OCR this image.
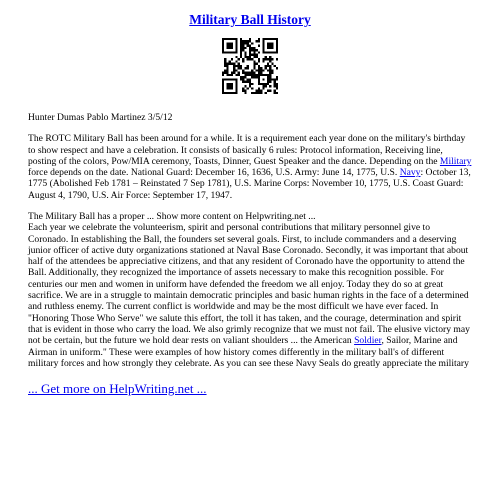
Military Ball History

Hunter Dumas Pablo Martinez 3/5/12

The ROTC Military Ball has been around for a while. It is a requirement each year done on the military's birthday to show respect and have a celebration. It consists of basically 6 rules: Protocol information, Receiving line, posting of the colors, Pow/MIA ceremony, Toasts, Dinner, Guest Speaker and the dance. Depending on the Military force depends on the date. National Guard: December 16, 1636, U.S. Army: June 14, 1775, U.S. Navy: October 13, 1775 (Abolished Feb 1781 – Reinstated 7 Sep 1781), U.S. Marine Corps: November 10, 1775, U.S. Coast Guard: August 4, 1790, U.S. Air Force: September 17, 1947.

The Military Ball has a proper ... Show more content on Helpwriting.net ...
Each year we celebrate the volunteerism, spirit and personal contributions that military personnel give to Coronado. In establishing the Ball, the founders set several goals. First, to include commanders and a deserving junior officer of active duty organizations stationed at Naval Base Coronado. Secondly, it was important that about half of the attendees be appreciative citizens, and that any resident of Coronado have the opportunity to attend the Ball. Additionally, they recognized the importance of assets necessary to make this recognition possible. For centuries our men and women in uniform have defended the freedom we all enjoy. Today they do so at great sacrifice. We are in a struggle to maintain democratic principles and basic human rights in the face of a determined and ruthless enemy. The current conflict is worldwide and may be the most difficult we have ever faced. In "Honoring Those Who Serve" we salute this effort, the toll it has taken, and the courage, determination and spirit that is evident in those who carry the load. We also grimly recognize that we must not fail. The elusive victory may not be certain, but the future we hold dear rests on valiant shoulders ... the American Soldier, Sailor, Marine and Airman in uniform." These were examples of how history comes differently in the military ball's of different military forces and how strongly they celebrate. As you can see these Navy Seals do greatly appreciate the military

... Get more on HelpWriting.net ...
